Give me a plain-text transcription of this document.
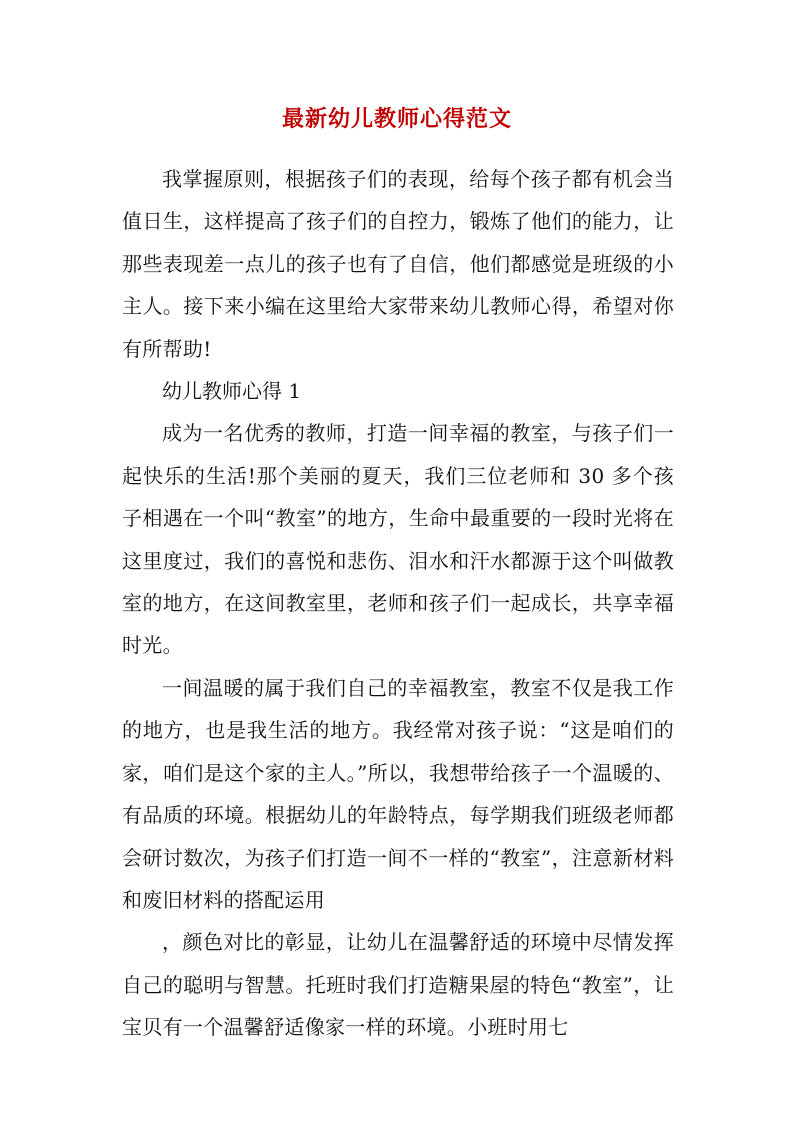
最新幼儿教师心得范文

我掌握原则，根据孩子们的表现，给每个孩子都有机会当值日生，这样提高了孩子们的自控力，锻炼了他们的能力，让那些表现差一点儿的孩子也有了自信，他们都感觉是班级的小主人。接下来小编在这里给大家带来幼儿教师心得，希望对你有所帮助!

幼儿教师心得 1

成为一名优秀的教师，打造一间幸福的教室，与孩子们一起快乐的生活!那个美丽的夏天，我们三位老师和 30 多个孩子相遇在一个叫“教室”的地方，生命中最重要的一段时光将在这里度过，我们的喜悦和悲伤、泪水和汗水都源于这个叫做教室的地方，在这间教室里，老师和孩子们一起成长，共享幸福时光。

一间温暖的属于我们自己的幸福教室，教室不仅是我工作的地方，也是我生活的地方。我经常对孩子说：“这是咱们的家，咱们是这个家的主人。”所以，我想带给孩子一个温暖的、有品质的环境。根据幼儿的年龄特点，每学期我们班级老师都会研讨数次，为孩子们打造一间不一样的“教室”，注意新材料和废旧材料的搭配运用

，颜色对比的彰显，让幼儿在温馨舒适的环境中尽情发挥自己的聪明与智慧。托班时我们打造糖果屋的特色“教室”，让宝贝有一个温馨舒适像家一样的环境。小班时用七
